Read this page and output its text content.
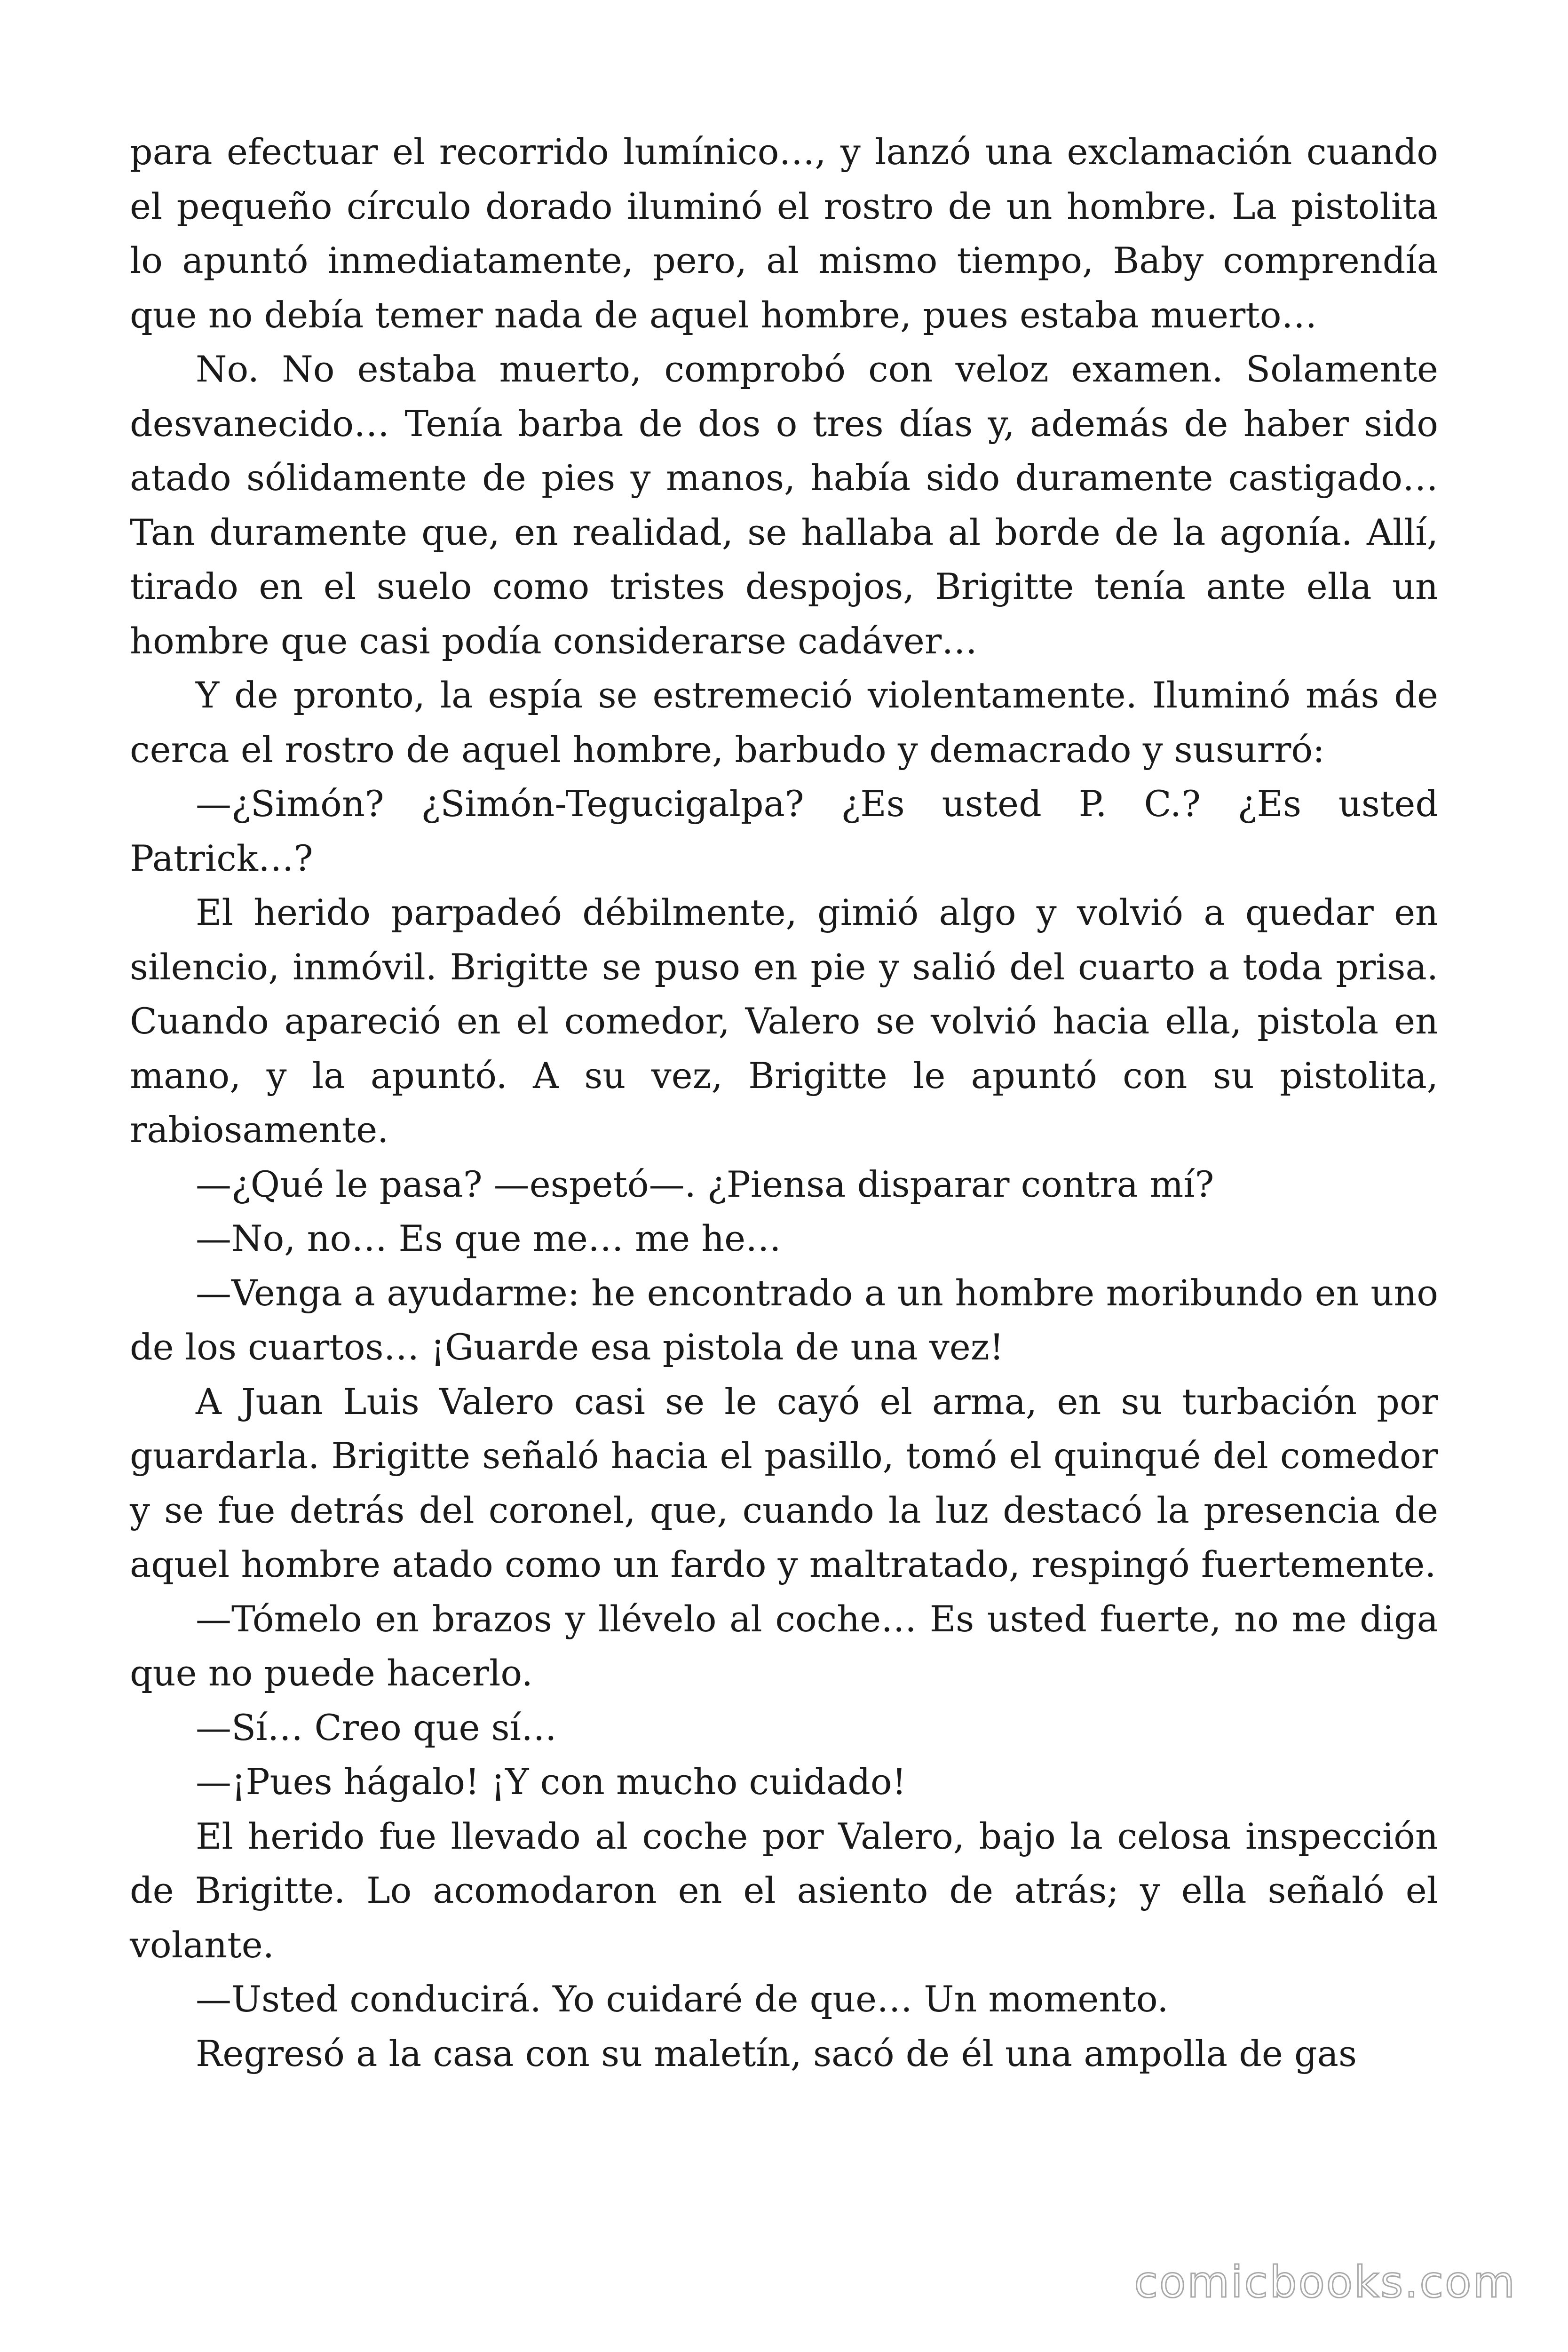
para efectuar el recorrido lumínico…, y lanzó una exclamación cuando el pequeño círculo dorado iluminó el rostro de un hombre. La pistolita lo apuntó inmediatamente, pero, al mismo tiempo, Baby comprendía que no debía temer nada de aquel hombre, pues estaba muerto…

No. No estaba muerto, comprobó con veloz examen. Solamente desvanecido… Tenía barba de dos o tres días y, además de haber sido atado sólidamente de pies y manos, había sido duramente castigado… Tan duramente que, en realidad, se hallaba al borde de la agonía. Allí, tirado en el suelo como tristes despojos, Brigitte tenía ante ella un hombre que casi podía considerarse cadáver…

Y de pronto, la espía se estremeció violentamente. Iluminó más de cerca el rostro de aquel hombre, barbudo y demacrado y susurró:

—¿Simón? ¿Simón-Tegucigalpa? ¿Es usted P. C.? ¿Es usted Patrick…?

El herido parpadeó débilmente, gimió algo y volvió a quedar en silencio, inmóvil. Brigitte se puso en pie y salió del cuarto a toda prisa. Cuando apareció en el comedor, Valero se volvió hacia ella, pistola en mano, y la apuntó. A su vez, Brigitte le apuntó con su pistolita, rabiosamente.

—¿Qué le pasa? —espetó—. ¿Piensa disparar contra mí?

—No, no… Es que me… me he…

—Venga a ayudarme: he encontrado a un hombre moribundo en uno de los cuartos… ¡Guarde esa pistola de una vez!

A Juan Luis Valero casi se le cayó el arma, en su turbación por guardarla. Brigitte señaló hacia el pasillo, tomó el quinqué del comedor y se fue detrás del coronel, que, cuando la luz destacó la presencia de aquel hombre atado como un fardo y maltratado, respingó fuertemente.

—Tómelo en brazos y llévelo al coche… Es usted fuerte, no me diga que no puede hacerlo.

—Sí… Creo que sí…

—¡Pues hágalo! ¡Y con mucho cuidado!

El herido fue llevado al coche por Valero, bajo la celosa inspección de Brigitte. Lo acomodaron en el asiento de atrás; y ella señaló el volante.

—Usted conducirá. Yo cuidaré de que… Un momento.

Regresó a la casa con su maletín, sacó de él una ampolla de gas

comicbooks.com
